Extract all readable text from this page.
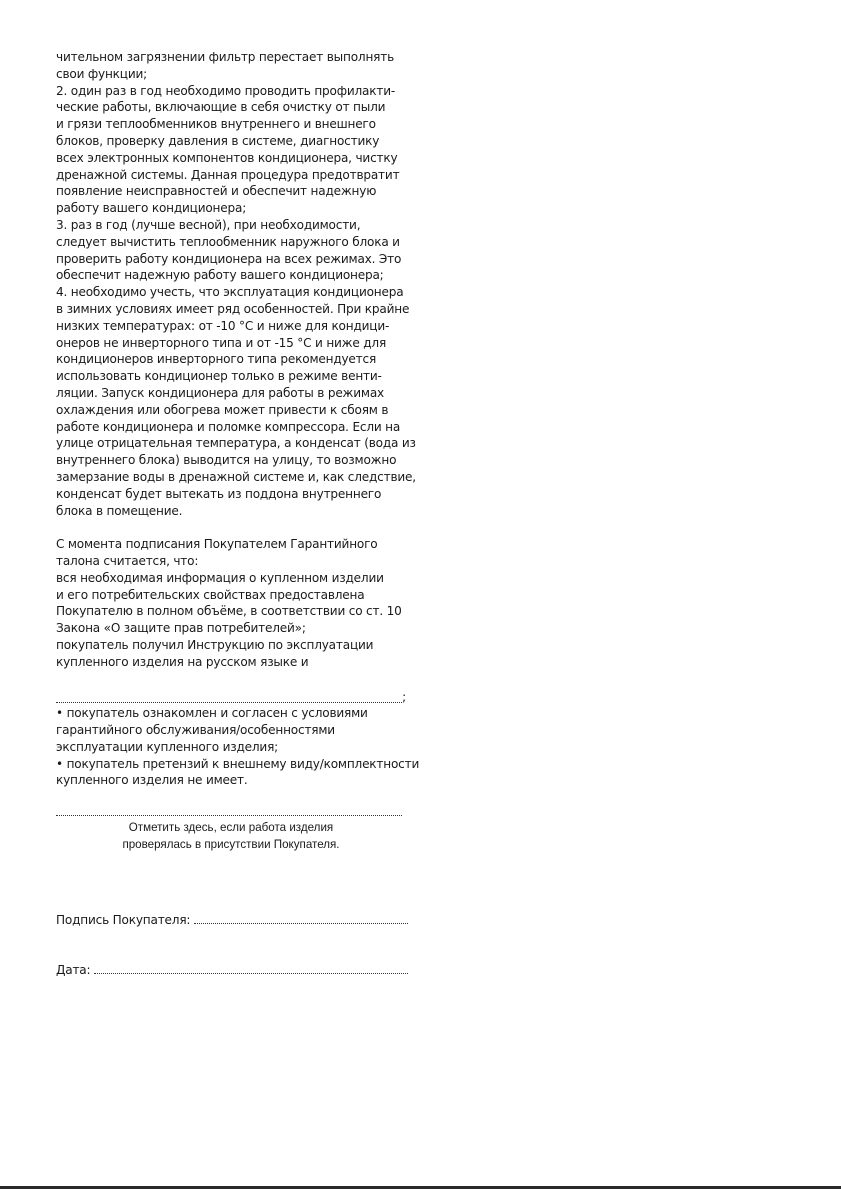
чительном загрязнении фильтр перестает выполнять
свои функции;
2. один раз в год необходимо проводить профилакти-
ческие работы, включающие в себя очистку от пыли
и грязи теплообменников внутреннего и внешнего
блоков, проверку давления в системе, диагностику
всех электронных компонентов кондиционера, чистку
дренажной системы. Данная процедура предотвратит
появление неисправностей и обеспечит надежную
работу вашего кондиционера;
3. раз в год (лучше весной), при необходимости,
следует вычистить теплообменник наружного блока и
проверить работу кондиционера на всех режимах. Это
обеспечит надежную работу вашего кондиционера;
4. необходимо учесть, что эксплуатация кондиционера
в зимних условиях имеет ряд особенностей. При крайне
низких температурах: от -10 °С и ниже для кондици-
онеров не инверторного типа и от -15 °С и ниже для
кондиционеров инверторного типа рекомендуется
использовать кондиционер только в режиме венти-
ляции. Запуск кондиционера для работы в режимах
охлаждения или обогрева может привести к сбоям в
работе кондиционера и поломке компрессора. Если на
улице отрицательная температура, а конденсат (вода из
внутреннего блока) выводится на улицу, то возможно
замерзание воды в дренажной системе и, как следствие,
конденсат будет вытекать из поддона внутреннего
блока в помещение.
С момента подписания Покупателем Гарантийного
талона считается, что:
вся необходимая информация о купленном изделии
и его потребительских свойствах предоставлена
Покупателю в полном объёме, в соответствии со ст. 10
Закона «О защите прав потребителей»;
покупатель получил Инструкцию по эксплуатации
купленного изделия на русском языке и
;
• покупатель ознакомлен и согласен с условиями
гарантийного обслуживания/особенностями
эксплуатации купленного изделия;
• покупатель претензий к внешнему виду/комплектности
купленного изделия не имеет.
Отметить здесь, если работа изделия
проверялась в присутствии Покупателя.
Подпись Покупателя:
Дата:
